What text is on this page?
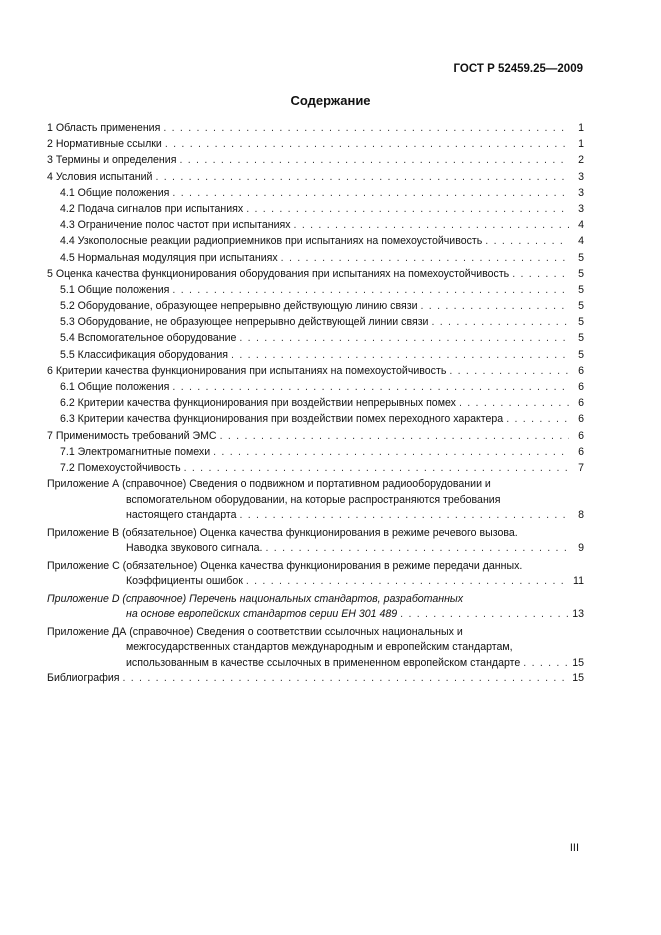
ГОСТ Р 52459.25—2009
Содержание
1 Область применения . . .	1
2 Нормативные ссылки . . .	1
3 Термины и определения . . .	2
4 Условия испытаний . . .	3
4.1 Общие положения . . .	3
4.2 Подача сигналов при испытаниях . . .	3
4.3 Ограничение полос частот при испытаниях . . .	4
4.4 Узкополосные реакции радиоприемников при испытаниях на помехоустойчивость . . .	4
4.5 Нормальная модуляция при испытаниях . . .	5
5 Оценка качества функционирования оборудования при испытаниях на помехоустойчивость . . .	5
5.1 Общие положения . . .	5
5.2 Оборудование, образующее непрерывно действующую линию связи . . .	5
5.3 Оборудование, не образующее непрерывно действующей линии связи . . .	5
5.4 Вспомогательное оборудование . . .	5
5.5 Классификация оборудования . . .	5
6 Критерии качества функционирования при испытаниях на помехоустойчивость . . .	6
6.1 Общие положения . . .	6
6.2 Критерии качества функционирования при воздействии непрерывных помех . . .	6
6.3 Критерии качества функционирования при воздействии помех переходного характера . . .	6
7 Применимость требований ЭМС . . .	6
7.1 Электромагнитные помехи . . .	6
7.2 Помехоустойчивость . . .	7
Приложение А (справочное) Сведения о подвижном и портативном радиооборудовании и
вспомогательном оборудовании, на которые распространяются требования
настоящего стандарта . . .	8
Приложение В (обязательное) Оценка качества функционирования в режиме речевого вызова.
Наводка звукового сигнала. . . .	9
Приложение С (обязательное) Оценка качества функционирования в режиме передачи данных.
Коэффициенты ошибок . . .	11
Приложение D (справочное) Перечень национальных стандартов, разработанных
на основе европейских стандартов серии ЕН 301 489 . . .	13
Приложение ДА (справочное) Сведения о соответствии ссылочных национальных и
межгосударственных стандартов международным и европейским стандартам,
использованным в качестве ссылочных в примененном европейском стандарте . . .	15
Библиография . . .	15
III
